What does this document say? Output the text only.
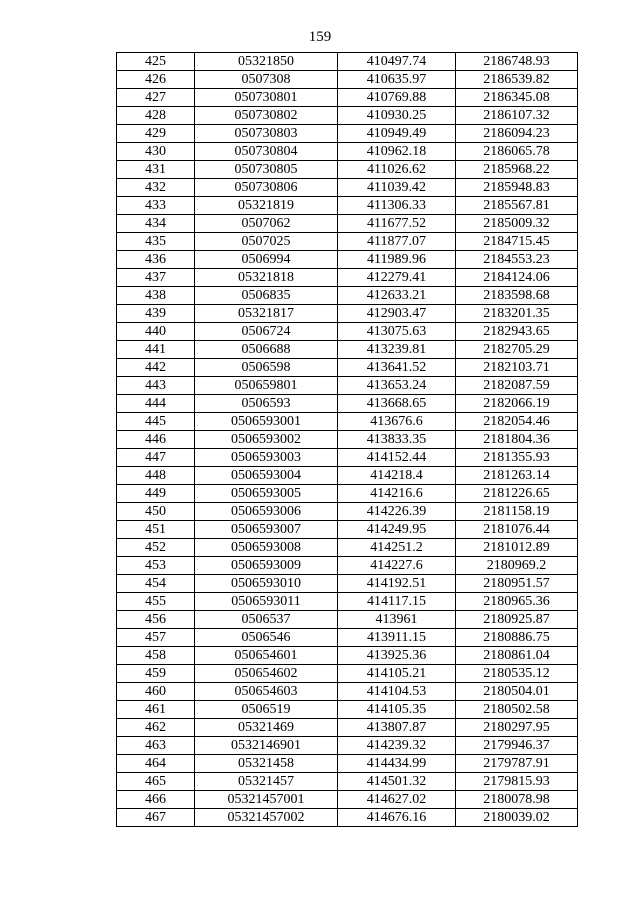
159
425	05321850	410497.74	2186748.93
426	0507308	410635.97	2186539.82
427	050730801	410769.88	2186345.08
428	050730802	410930.25	2186107.32
429	050730803	410949.49	2186094.23
430	050730804	410962.18	2186065.78
431	050730805	411026.62	2185968.22
432	050730806	411039.42	2185948.83
433	05321819	411306.33	2185567.81
434	0507062	411677.52	2185009.32
435	0507025	411877.07	2184715.45
436	0506994	411989.96	2184553.23
437	05321818	412279.41	2184124.06
438	0506835	412633.21	2183598.68
439	05321817	412903.47	2183201.35
440	0506724	413075.63	2182943.65
441	0506688	413239.81	2182705.29
442	0506598	413641.52	2182103.71
443	050659801	413653.24	2182087.59
444	0506593	413668.65	2182066.19
445	0506593001	413676.6	2182054.46
446	0506593002	413833.35	2181804.36
447	0506593003	414152.44	2181355.93
448	0506593004	414218.4	2181263.14
449	0506593005	414216.6	2181226.65
450	0506593006	414226.39	2181158.19
451	0506593007	414249.95	2181076.44
452	0506593008	414251.2	2181012.89
453	0506593009	414227.6	2180969.2
454	0506593010	414192.51	2180951.57
455	0506593011	414117.15	2180965.36
456	0506537	413961	2180925.87
457	0506546	413911.15	2180886.75
458	050654601	413925.36	2180861.04
459	050654602	414105.21	2180535.12
460	050654603	414104.53	2180504.01
461	0506519	414105.35	2180502.58
462	05321469	413807.87	2180297.95
463	0532146901	414239.32	2179946.37
464	05321458	414434.99	2179787.91
465	05321457	414501.32	2179815.93
466	05321457001	414627.02	2180078.98
467	05321457002	414676.16	2180039.02
